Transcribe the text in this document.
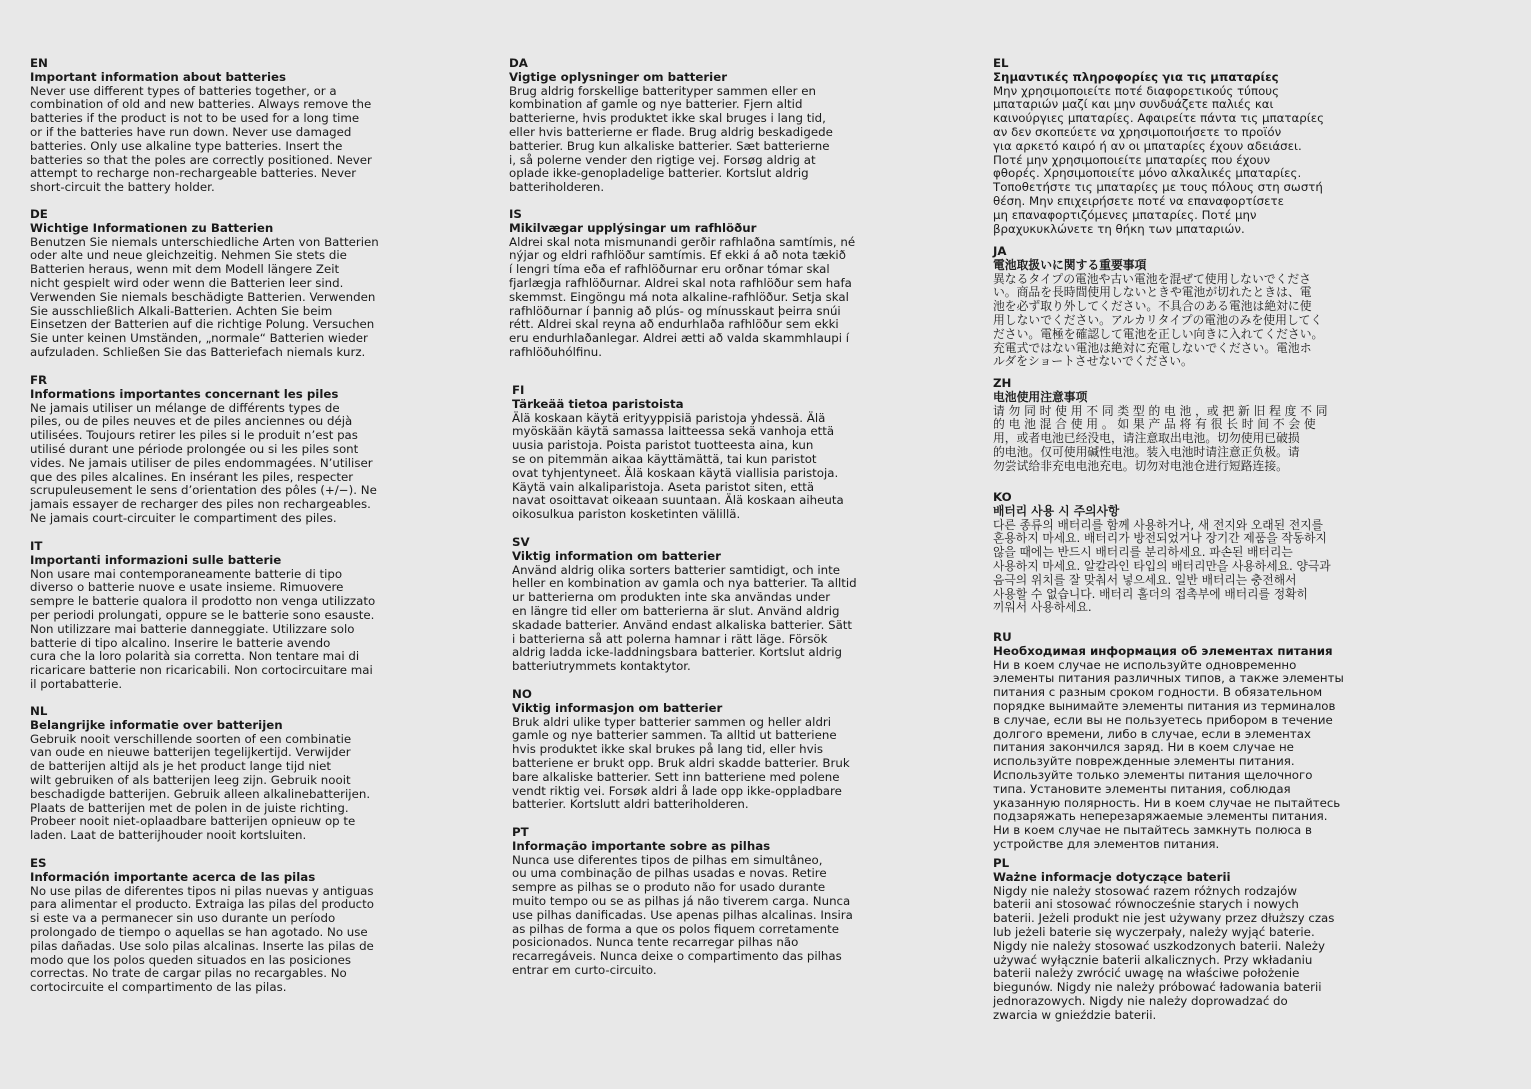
EN
Important information about batteries
Never use different types of batteries together, or a
combination of old and new batteries. Always remove the
batteries if the product is not to be used for a long time
or if the batteries have run down. Never use damaged
batteries. Only use alkaline type batteries. Insert the
batteries so that the poles are correctly positioned. Never
attempt to recharge non-rechargeable batteries. Never
short-circuit the battery holder.
DE
Wichtige Informationen zu Batterien
Benutzen Sie niemals unterschiedliche Arten von Batterien
oder alte und neue gleichzeitig. Nehmen Sie stets die
Batterien heraus, wenn mit dem Modell längere Zeit
nicht gespielt wird oder wenn die Batterien leer sind.
Verwenden Sie niemals beschädigte Batterien. Verwenden
Sie ausschließlich Alkali-Batterien. Achten Sie beim
Einsetzen der Batterien auf die richtige Polung. Versuchen
Sie unter keinen Umständen, „normale“ Batterien wieder
aufzuladen. Schließen Sie das Batteriefach niemals kurz.
FR
Informations importantes concernant les piles
Ne jamais utiliser un mélange de différents types de
piles, ou de piles neuves et de piles anciennes ou déjà
utilisées. Toujours retirer les piles si le produit n’est pas
utilisé durant une période prolongée ou si les piles sont
vides. Ne jamais utiliser de piles endommagées. N’utiliser
que des piles alcalines. En insérant les piles, respecter
scrupuleusement le sens d’orientation des pôles (+/−). Ne
jamais essayer de recharger des piles non rechargeables.
Ne jamais court-circuiter le compartiment des piles.
IT
Importanti informazioni sulle batterie
Non usare mai contemporaneamente batterie di tipo
diverso o batterie nuove e usate insieme. Rimuovere
sempre le batterie qualora il prodotto non venga utilizzato
per periodi prolungati, oppure se le batterie sono esauste.
Non utilizzare mai batterie danneggiate. Utilizzare solo
batterie di tipo alcalino. Inserire le batterie avendo
cura che la loro polarità sia corretta. Non tentare mai di
ricaricare batterie non ricaricabili. Non cortocircuitare mai
il portabatterie.
NL
Belangrijke informatie over batterijen
Gebruik nooit verschillende soorten of een combinatie
van oude en nieuwe batterijen tegelijkertijd. Verwijder
de batterijen altijd als je het product lange tijd niet
wilt gebruiken of als batterijen leeg zijn. Gebruik nooit
beschadigde batterijen. Gebruik alleen alkalinebatterijen.
Plaats de batterijen met de polen in de juiste richting.
Probeer nooit niet-oplaadbare batterijen opnieuw op te
laden. Laat de batterijhouder nooit kortsluiten.
ES
Información importante acerca de las pilas
No use pilas de diferentes tipos ni pilas nuevas y antiguas
para alimentar el producto. Extraiga las pilas del producto
si este va a permanecer sin uso durante un período
prolongado de tiempo o aquellas se han agotado. No use
pilas dañadas. Use solo pilas alcalinas. Inserte las pilas de
modo que los polos queden situados en las posiciones
correctas. No trate de cargar pilas no recargables. No
cortocircuite el compartimento de las pilas.
DA
Vigtige oplysninger om batterier
Brug aldrig forskellige batterityper sammen eller en
kombination af gamle og nye batterier. Fjern altid
batterierne, hvis produktet ikke skal bruges i lang tid,
eller hvis batterierne er flade. Brug aldrig beskadigede
batterier. Brug kun alkaliske batterier. Sæt batterierne
i, så polerne vender den rigtige vej. Forsøg aldrig at
oplade ikke-genopladelige batterier. Kortslut aldrig
batteriholderen.
IS
Mikilvægar upplýsingar um rafhlöður
Aldrei skal nota mismunandi gerðir rafhlaðna samtímis, né
nýjar og eldri rafhlöður samtímis. Ef ekki á að nota tækið
í lengri tíma eða ef rafhlöðurnar eru orðnar tómar skal
fjarlægja rafhlöðurnar. Aldrei skal nota rafhlöður sem hafa
skemmst. Eingöngu má nota alkaline-rafhlöður. Setja skal
rafhlöðurnar í þannig að plús- og mínusskaut þeirra snúi
rétt. Aldrei skal reyna að endurhlaða rafhlöður sem ekki
eru endurhlaðanlegar. Aldrei ætti að valda skammhlaupi í
rafhlöðuhólfinu.
FI
Tärkeää tietoa paristoista
Älä koskaan käytä erityyppisiä paristoja yhdessä. Älä
myöskään käytä samassa laitteessa sekä vanhoja että
uusia paristoja. Poista paristot tuotteesta aina, kun
se on pitemmän aikaa käyttämättä, tai kun paristot
ovat tyhjentyneet. Älä koskaan käytä viallisia paristoja.
Käytä vain alkaliparistoja. Aseta paristot siten, että
navat osoittavat oikeaan suuntaan. Älä koskaan aiheuta
oikosulkua pariston kosketinten välillä.
SV
Viktig information om batterier
Använd aldrig olika sorters batterier samtidigt, och inte
heller en kombination av gamla och nya batterier. Ta alltid
ur batterierna om produkten inte ska användas under
en längre tid eller om batterierna är slut. Använd aldrig
skadade batterier. Använd endast alkaliska batterier. Sätt
i batterierna så att polerna hamnar i rätt läge. Försök
aldrig ladda icke-laddningsbara batterier. Kortslut aldrig
batteriutrymmets kontaktytor.
NO
Viktig informasjon om batterier
Bruk aldri ulike typer batterier sammen og heller aldri
gamle og nye batterier sammen. Ta alltid ut batteriene
hvis produktet ikke skal brukes på lang tid, eller hvis
batteriene er brukt opp. Bruk aldri skadde batterier. Bruk
bare alkaliske batterier. Sett inn batteriene med polene
vendt riktig vei. Forsøk aldri å lade opp ikke-oppladbare
batterier. Kortslutt aldri batteriholderen.
PT
Informação importante sobre as pilhas
Nunca use diferentes tipos de pilhas em simultâneo,
ou uma combinação de pilhas usadas e novas. Retire
sempre as pilhas se o produto não for usado durante
muito tempo ou se as pilhas já não tiverem carga. Nunca
use pilhas danificadas. Use apenas pilhas alcalinas. Insira
as pilhas de forma a que os polos fiquem corretamente
posicionados. Nunca tente recarregar pilhas não
recarregáveis. Nunca deixe o compartimento das pilhas
entrar em curto-circuito.
EL
Σημαντικές πληροφορίες για τις μπαταρίες
Μην χρησιμοποιείτε ποτέ διαφορετικούς τύπους
μπαταριών μαζί και μην συνδυάζετε παλιές και
καινούργιες μπαταρίες. Αφαιρείτε πάντα τις μπαταρίες
αν δεν σκοπεύετε να χρησιμοποιήσετε το προϊόν
για αρκετό καιρό ή αν οι μπαταρίες έχουν αδειάσει.
Ποτέ μην χρησιμοποιείτε μπαταρίες που έχουν
φθορές. Χρησιμοποιείτε μόνο αλκαλικές μπαταρίες.
Τοποθετήστε τις μπαταρίες με τους πόλους στη σωστή
θέση. Μην επιχειρήσετε ποτέ να επαναφορτίσετε
μη επαναφορτιζόμενες μπαταρίες. Ποτέ μην
βραχυκυκλώνετε τη θήκη των μπαταριών.
JA
電池取扱いに関する重要事項
異なるタイプの電池や古い電池を混ぜて使用しないでくださ
い。商品を長時間使用しないときや電池が切れたときは、電
池を必ず取り外してください。不具合のある電池は絶対に使
用しないでください。アルカリタイプの電池のみを使用してく
ださい。電極を確認して電池を正しい向きに入れてください。
充電式ではない電池は絶対に充電しないでください。電池ホ
ルダをショートさせないでください。
ZH
电池使用注意事项
请 勿 同 时 使 用 不 同 类 型 的 电 池 ，或 把 新 旧 程 度 不 同
的 电 池 混 合 使 用 。 如 果 产 品 将 有 很 长 时 间 不 会 使
用，或者电池已经没电，请注意取出电池。切勿使用已破损
的电池。仅可使用碱性电池。装入电池时请注意正负极。请
勿尝试给非充电电池充电。切勿对电池仓进行短路连接。
KO
배터리 사용 시 주의사항
다른 종류의 배터리를 함께 사용하거나, 새 전지와 오래된 전지를
혼용하지 마세요. 배터리가 방전되었거나 장기간 제품을 작동하지
않을 때에는 반드시 배터리를 분리하세요. 파손된 배터리는
사용하지 마세요. 알칼라인 타입의 배터리만을 사용하세요. 양극과
음극의 위치를 잘 맞춰서 넣으세요. 일반 배터리는 충전해서
사용할 수 없습니다. 배터리 홀더의 접촉부에 배터리를 정확히
끼워서 사용하세요.
RU
Необходимая информация об элементах питания
Ни в коем случае не используйте одновременно
элементы питания различных типов, а также элементы
питания с разным сроком годности. В обязательном
порядке вынимайте элементы питания из терминалов
в случае, если вы не пользуетесь прибором в течение
долгого времени, либо в случае, если в элементах
питания закончился заряд. Ни в коем случае не
используйте поврежденные элементы питания.
Используйте только элементы питания щелочного
типа. Установите элементы питания, соблюдая
указанную полярность. Ни в коем случае не пытайтесь
подзаряжать неперезаряжаемые элементы питания.
Ни в коем случае не пытайтесь замкнуть полюса в
устройстве для элементов питания.
PL
Ważne informacje dotyczące baterii
Nigdy nie należy stosować razem różnych rodzajów
baterii ani stosować równocześnie starych i nowych
baterii. Jeżeli produkt nie jest używany przez dłuższy czas
lub jeżeli baterie się wyczerpały, należy wyjąć baterie.
Nigdy nie należy stosować uszkodzonych baterii. Należy
używać wyłącznie baterii alkalicznych. Przy wkładaniu
baterii należy zwrócić uwagę na właściwe położenie
biegunów. Nigdy nie należy próbować ładowania baterii
jednorazowych. Nigdy nie należy doprowadzać do
zwarcia w gnieździe baterii.
